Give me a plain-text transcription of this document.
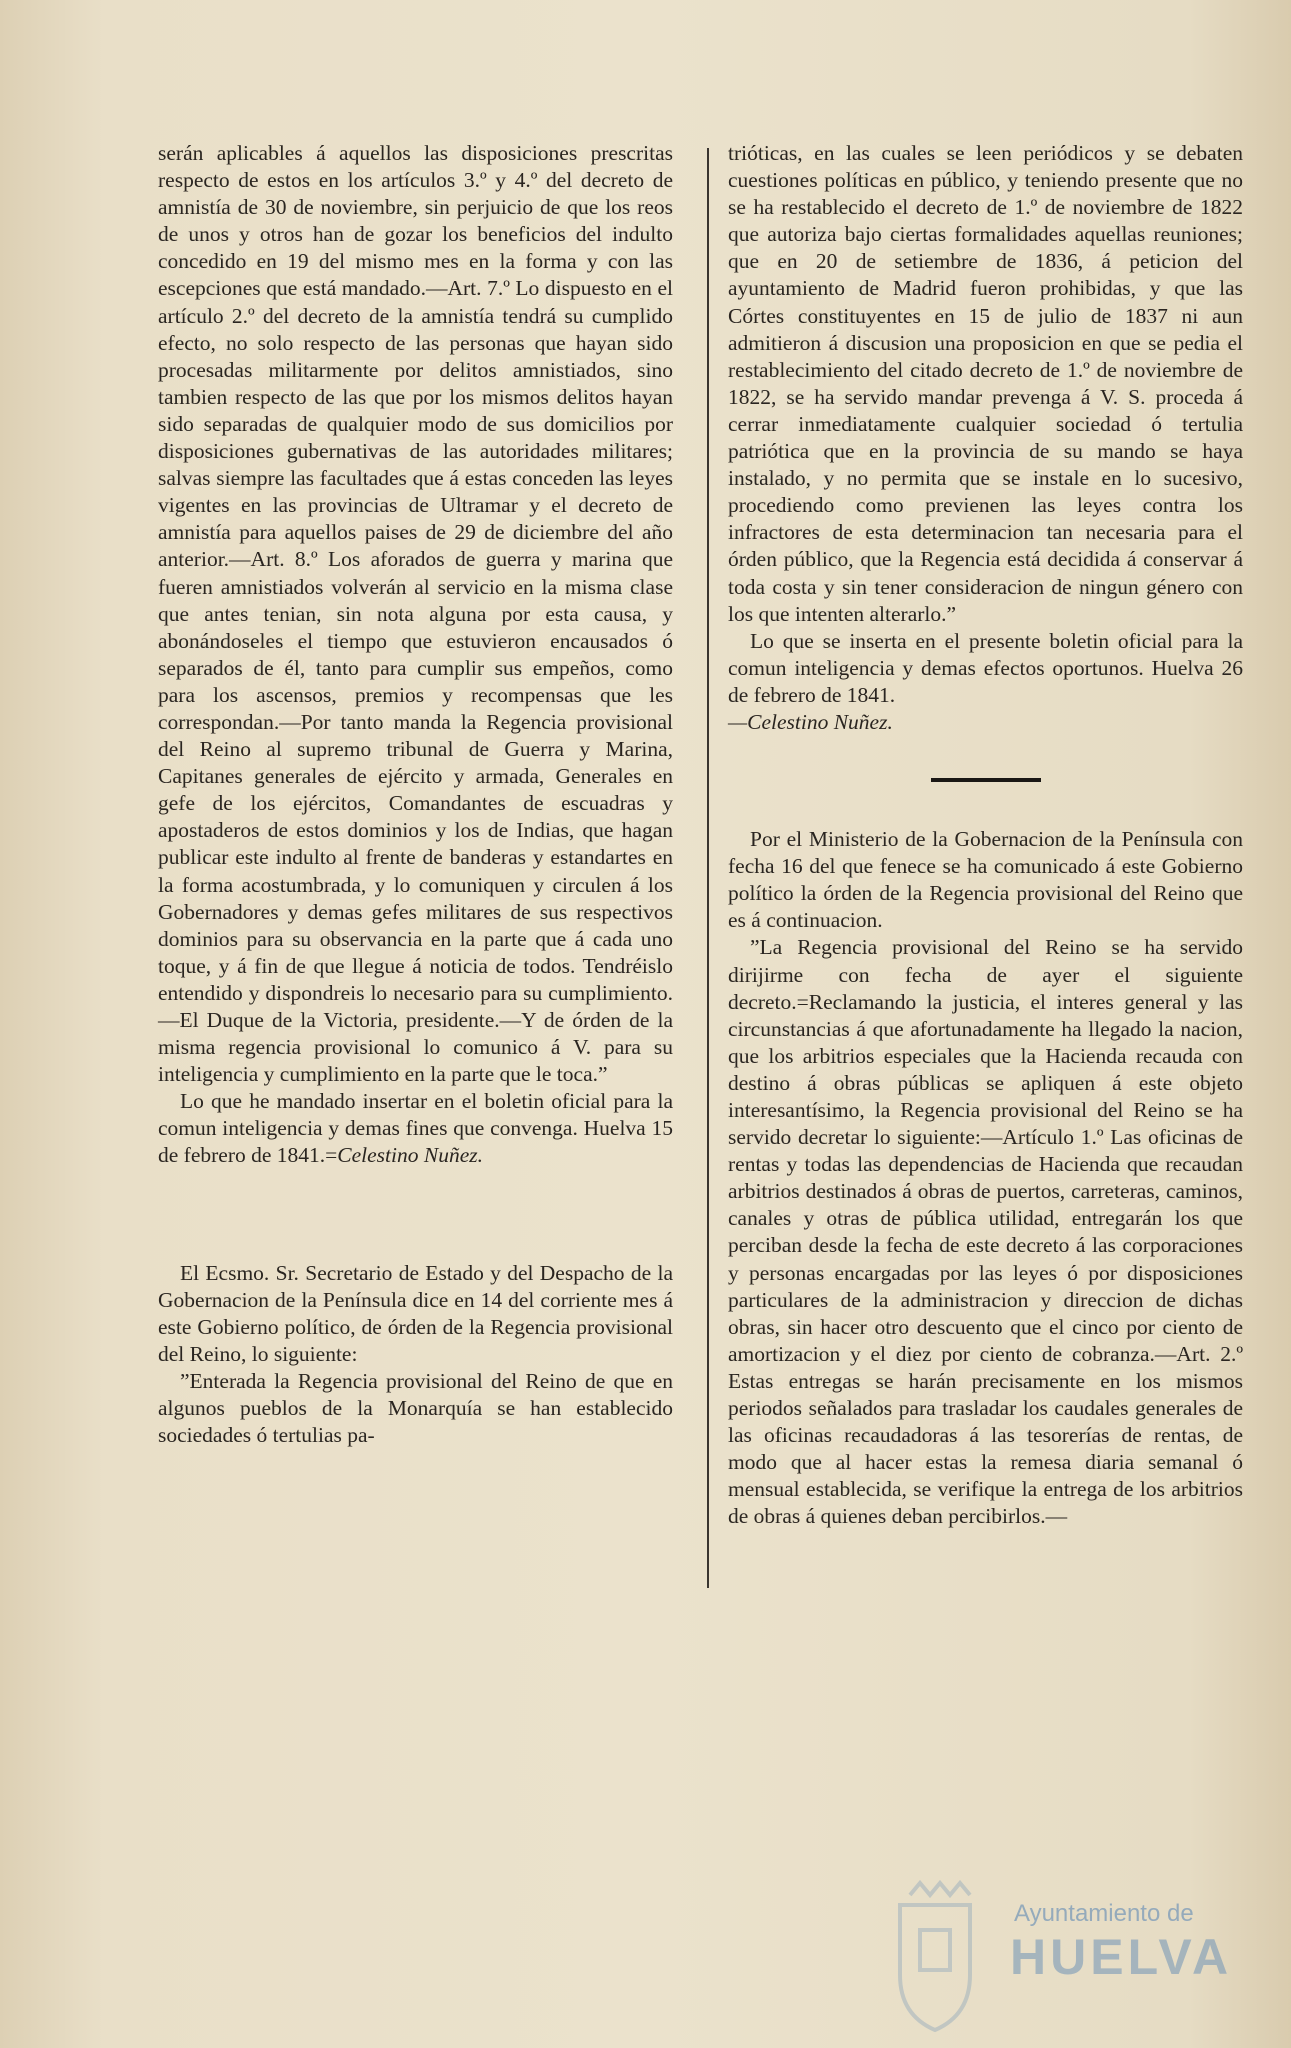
serán aplicables á aquellos las disposiciones prescritas respecto de estos en los artículos 3.º y 4.º del decreto de amnistía de 30 de noviembre, sin perjuicio de que los reos de unos y otros han de gozar los beneficios del indulto concedido en 19 del mismo mes en la forma y con las escepciones que está mandado.—Art. 7.º Lo dispuesto en el artículo 2.º del decreto de la amnistía tendrá su cumplido efecto, no solo respecto de las personas que hayan sido procesadas militarmente por delitos amnistiados, sino tambien respecto de las que por los mismos delitos hayan sido separadas de qualquier modo de sus domicilios por disposiciones gubernativas de las autoridades militares; salvas siempre las facultades que á estas conceden las leyes vigentes en las provincias de Ultramar y el decreto de amnistía para aquellos paises de 29 de diciembre del año anterior.—Art. 8.º Los aforados de guerra y marina que fueren amnistiados volverán al servicio en la misma clase que antes tenian, sin nota alguna por esta causa, y abonándoseles el tiempo que estuvieron encausados ó separados de él, tanto para cumplir sus empeños, como para los ascensos, premios y recompensas que les correspondan.—Por tanto manda la Regencia provisional del Reino al supremo tribunal de Guerra y Marina, Capitanes generales de ejército y armada, Generales en gefe de los ejércitos, Comandantes de escuadras y apostaderos de estos dominios y los de Indias, que hagan publicar este indulto al frente de banderas y estandartes en la forma acostumbrada, y lo comuniquen y circulen á los Gobernadores y demas gefes militares de sus respectivos dominios para su observancia en la parte que á cada uno toque, y á fin de que llegue á noticia de todos. Tendréislo entendido y dispondreis lo necesario para su cumplimiento.—El Duque de la Victoria, presidente.—Y de órden de la misma regencia provisional lo comunico á V. para su inteligencia y cumplimiento en la parte que le toca.”

Lo que he mandado insertar en el boletin oficial para la comun inteligencia y demas fines que convenga. Huelva 15 de febrero de 1841.=Celestino Nuñez.

El Ecsmo. Sr. Secretario de Estado y del Despacho de la Gobernacion de la Península dice en 14 del corriente mes á este Gobierno político, de órden de la Regencia provisional del Reino, lo siguiente:

”Enterada la Regencia provisional del Reino de que en algunos pueblos de la Monarquía se han establecido sociedades ó tertulias pa-

trióticas, en las cuales se leen periódicos y se debaten cuestiones políticas en público, y teniendo presente que no se ha restablecido el decreto de 1.º de noviembre de 1822 que autoriza bajo ciertas formalidades aquellas reuniones; que en 20 de setiembre de 1836, á peticion del ayuntamiento de Madrid fueron prohibidas, y que las Córtes constituyentes en 15 de julio de 1837 ni aun admitieron á discusion una proposicion en que se pedia el restablecimiento del citado decreto de 1.º de noviembre de 1822, se ha servido mandar prevenga á V. S. proceda á cerrar inmediatamente cualquier sociedad ó tertulia patriótica que en la provincia de su mando se haya instalado, y no permita que se instale en lo sucesivo, procediendo como previenen las leyes contra los infractores de esta determinacion tan necesaria para el órden público, que la Regencia está decidida á conservar á toda costa y sin tener consideracion de ningun género con los que intenten alterarlo.”

Lo que se inserta en el presente boletin oficial para la comun inteligencia y demas efectos oportunos. Huelva 26 de febrero de 1841.

—Celestino Nuñez.

Por el Ministerio de la Gobernacion de la Península con fecha 16 del que fenece se ha comunicado á este Gobierno político la órden de la Regencia provisional del Reino que es á continuacion.

”La Regencia provisional del Reino se ha servido dirijirme con fecha de ayer el siguiente decreto.=Reclamando la justicia, el interes general y las circunstancias á que afortunadamente ha llegado la nacion, que los arbitrios especiales que la Hacienda recauda con destino á obras públicas se apliquen á este objeto interesantísimo, la Regencia provisional del Reino se ha servido decretar lo siguiente:—Artículo 1.º Las oficinas de rentas y todas las dependencias de Hacienda que recaudan arbitrios destinados á obras de puertos, carreteras, caminos, canales y otras de pública utilidad, entregarán los que perciban desde la fecha de este decreto á las corporaciones y personas encargadas por las leyes ó por disposiciones particulares de la administracion y direccion de dichas obras, sin hacer otro descuento que el cinco por ciento de amortizacion y el diez por ciento de cobranza.—Art. 2.º Estas entregas se harán precisamente en los mismos periodos señalados para trasladar los caudales generales de las oficinas recaudadoras á las tesorerías de rentas, de modo que al hacer estas la remesa diaria semanal ó mensual establecida, se verifique la entrega de los arbitrios de obras á quienes deban percibirlos.—

Ayuntamiento de
HUELVA
